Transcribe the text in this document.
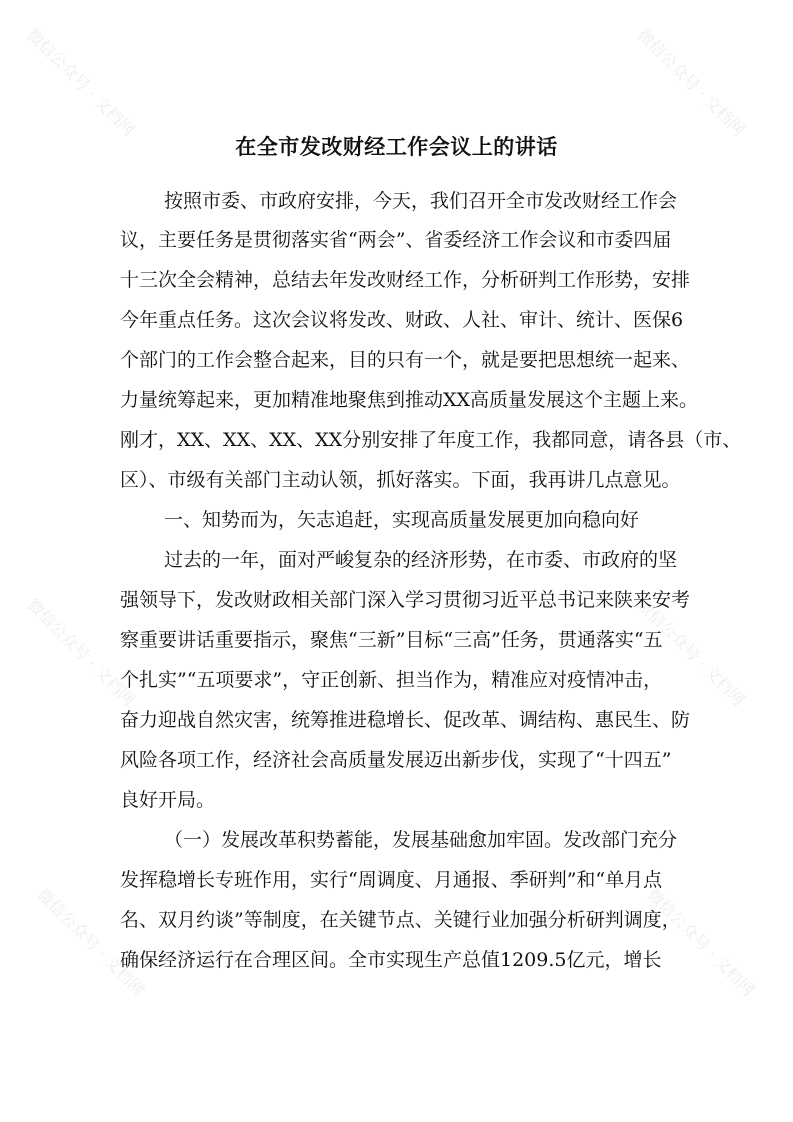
微信公众号 · 文档网	微信公众号 · 文档网
微信公众号 · 文档网	微信公众号 · 文档网
微信公众号 · 文档网	微信公众号 · 文档网
在全市发改财经工作会议上的讲话
按照市委、市政府安排，今天，我们召开全市发改财经工作会
议，主要任务是贯彻落实省“两会”、省委经济工作会议和市委四届
十三次全会精神，总结去年发改财经工作，分析研判工作形势，安排
今年重点任务。这次会议将发改、财政、人社、审计、统计、医保6
个部门的工作会整合起来，目的只有一个，就是要把思想统一起来、
力量统筹起来，更加精准地聚焦到推动XX高质量发展这个主题上来。
刚才，XX、XX、XX、XX分别安排了年度工作，我都同意，请各县（市、
区）、市级有关部门主动认领，抓好落实。下面，我再讲几点意见。
一、知势而为，矢志追赶，实现高质量发展更加向稳向好
过去的一年，面对严峻复杂的经济形势，在市委、市政府的坚
强领导下，发改财政相关部门深入学习贯彻习近平总书记来陕来安考
察重要讲话重要指示，聚焦“三新”目标“三高”任务，贯通落实“五
个扎实”“五项要求”，守正创新、担当作为，精准应对疫情冲击，
奋力迎战自然灾害，统筹推进稳增长、促改革、调结构、惠民生、防
风险各项工作，经济社会高质量发展迈出新步伐，实现了“十四五”
良好开局。
（一）发展改革积势蓄能，发展基础愈加牢固。发改部门充分
发挥稳增长专班作用，实行“周调度、月通报、季研判”和“单月点
名、双月约谈”等制度，在关键节点、关键行业加强分析研判调度，
确保经济运行在合理区间。全市实现生产总值1209.5亿元，增长
